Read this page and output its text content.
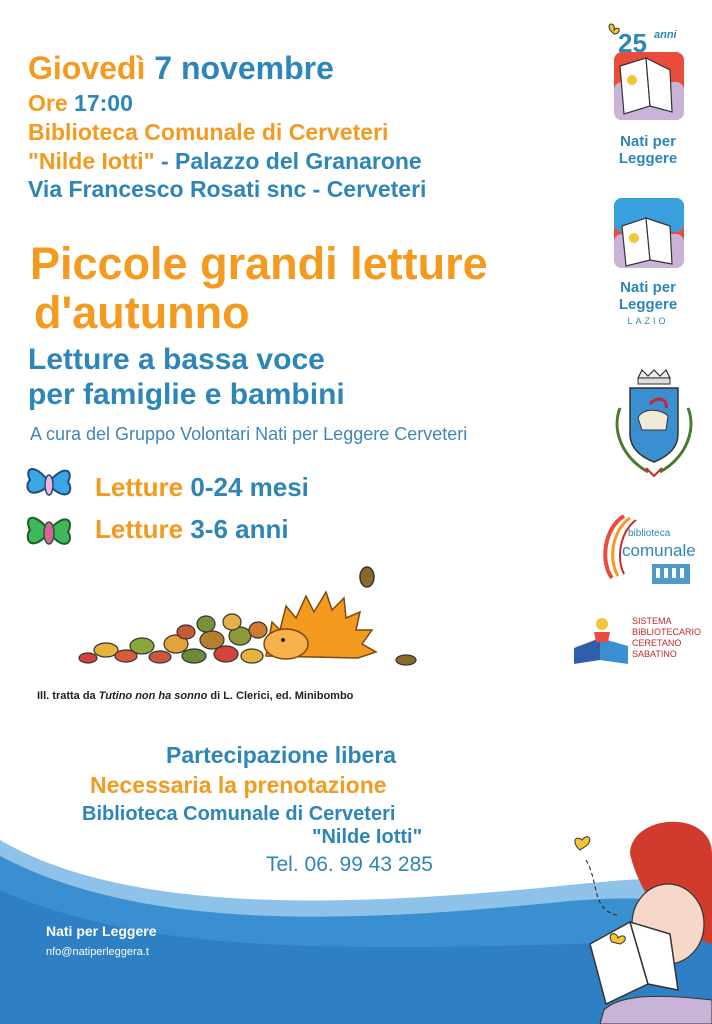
Giovedì 7 novembre
Ore 17:00
Biblioteca Comunale di Cerveteri
"Nilde Iotti" - Palazzo del Granarone
Via Francesco Rosati snc - Cerveteri
Piccole grandi letture
d'autunno
Letture a bassa voce
per famiglie e bambini
A cura del Gruppo Volontari Nati per Leggere Cerveteri
Letture 0-24 mesi
Letture 3-6 anni
Ill. tratta da Tutino non ha sonno di L. Clerici, ed. Minibombo
25 anni
Nati per Leggere
Nati per Leggere
LAZIO
biblioteca
comunale
SISTEMA
BIBLIOTECARIO
CERETANO
SABATINO
Partecipazione libera
Necessaria la prenotazione
Biblioteca Comunale di Cerveteri
"Nilde Iotti"
Tel. 06. 99 43 285
Nati per Leggere
nfo@natiperleggera.t
